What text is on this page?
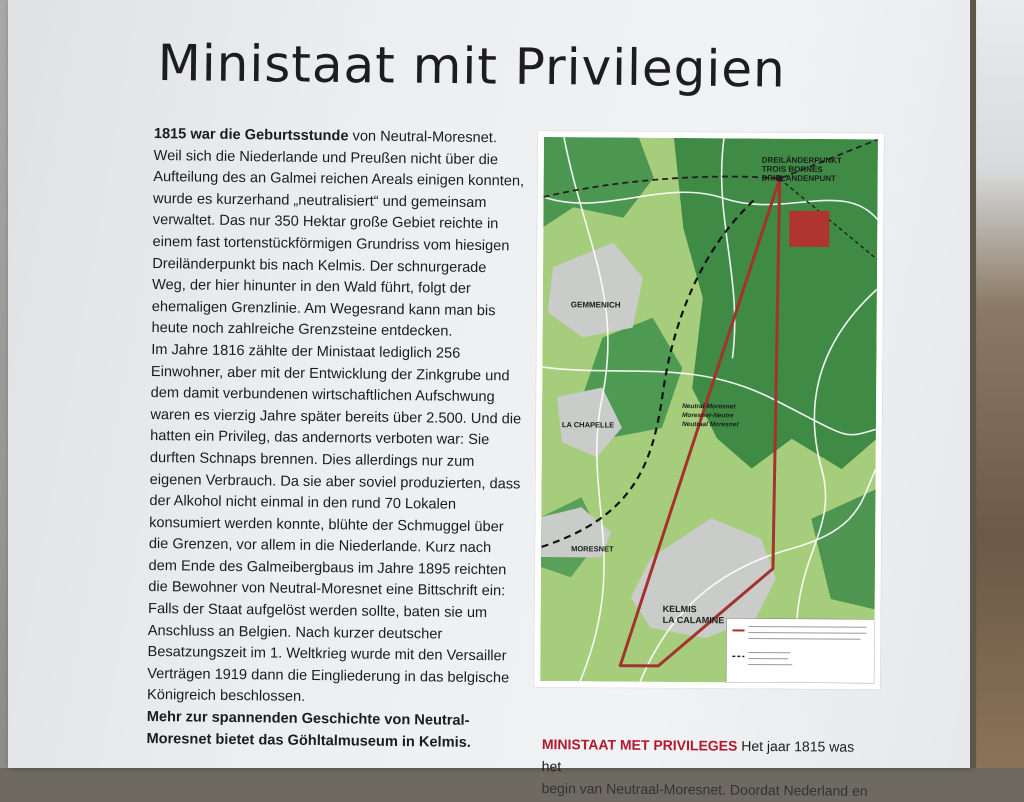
Ministaat mit Privilegien

1815 war die Geburtsstunde von Neutral-Moresnet. Weil sich die Niederlande und Preußen nicht über die Aufteilung des an Galmei reichen Areals einigen konnten, wurde es kurzerhand „neutralisiert“ und gemeinsam verwaltet. Das nur 350 Hektar große Gebiet reichte in einem fast tortenstückförmigen Grundriss vom hiesigen Dreiländerpunkt bis nach Kelmis. Der schnurgerade Weg, der hier hinunter in den Wald führt, folgt der ehemaligen Grenzlinie. Am Wegesrand kann man bis heute noch zahlreiche Grenzsteine entdecken.

Im Jahre 1816 zählte der Ministaat lediglich 256 Einwohner, aber mit der Entwicklung der Zinkgrube und dem damit verbundenen wirtschaftlichen Aufschwung waren es vierzig Jahre später bereits über 2.500. Und die hatten ein Privileg, das andernorts verboten war: Sie durften Schnaps brennen. Dies allerdings nur zum eigenen Verbrauch. Da sie aber soviel produzierten, dass der Alkohol nicht einmal in den rund 70 Lokalen konsumiert werden konnte, blühte der Schmuggel über die Grenzen, vor allem in die Niederlande. Kurz nach dem Ende des Galmeibergbaus im Jahre 1895 reichten die Bewohner von Neutral-Moresnet eine Bittschrift ein: Falls der Staat aufgelöst werden sollte, baten sie um Anschluss an Belgien. Nach kurzer deutscher Besatzungszeit im 1. Weltkrieg wurde mit den Versailler Verträgen 1919 dann die Eingliederung in das belgische Königreich beschlossen.

Mehr zur spannenden Geschichte von Neutral-Moresnet bietet das Göhltalmuseum in Kelmis.

DREILÄNDERPUNKT
TROIS BORNES
DRIELANDENPUNT
GEMMENICH
LA CHAPELLE
MORESNET
KELMIS
LA CALAMINE
Neutral-Moresnet
Moresnet-Neutre
Neutraal Moresnet
MINISTAAT MET PRIVILEGES Het jaar 1815 was het
begin van Neutraal-Moresnet. Doordat Nederland en
